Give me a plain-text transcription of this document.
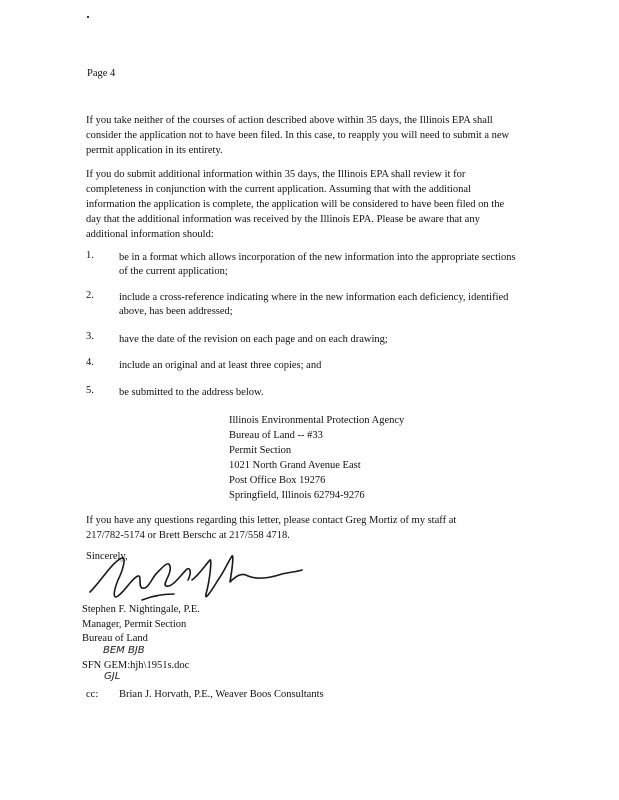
Page 4
If you take neither of the courses of action described above within 35 days, the Illinois EPA shall
consider the application not to have been filed. In this case, to reapply you will need to submit a new
permit application in its entirety.
If you do submit additional information within 35 days, the Illinois EPA shall review it for
completeness in conjunction with the current application. Assuming that with the additional
information the application is complete, the application will be considered to have been filed on the
day that the additional information was received by the Illinois EPA. Please be aware that any
additional information should:
1. be in a format which allows incorporation of the new information into the appropriate sections
of the current application;
2. include a cross-reference indicating where in the new information each deficiency, identified
above, has been addressed;
3. have the date of the revision on each page and on each drawing;
4. include an original and at least three copies; and
5. be submitted to the address below.
Illinois Environmental Protection Agency
Bureau of Land -- #33
Permit Section
1021 North Grand Avenue East
Post Office Box 19276
Springfield, Illinois 62794-9276
If you have any questions regarding this letter, please contact Greg Mortiz of my staff at
217/782-5174 or Brett Berschc at 217/558 4718.
Sincerely,
Stephen F. Nightingale, P.E.
Manager, Permit Section
Bureau of Land
BEM BJB
SFN GEM:hjh\1951s.doc
GJL
cc: Brian J. Horvath, P.E., Weaver Boos Consultants
